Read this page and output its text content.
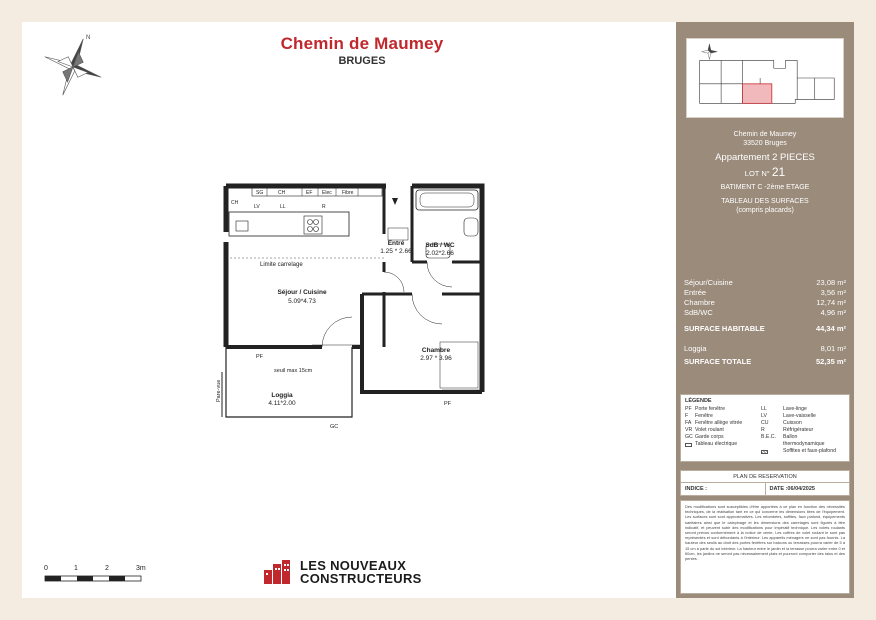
N	Chemin de Maumey
BRUGES
SG	CH	EF Elec Fibre
CH
LV	LL	R
Limite carrelage
Séjour / Cuisine
5.09*4.73
Entré
1.25 * 2.66
SdB / WC
2.02*2.66
Chambre
2.97 * 3.96
Loggia
4.11*2.00
PF
seuil max 15cm
PF
GC
Pare-vue
0	1	2	3m	LES NOUVEAUX
CONSTRUCTEURS
Chemin de Maumey
33520 Bruges
Appartement 2 PIECES
LOT N° 21
BATIMENT C -2ème ETAGE
TABLEAU DES SURFACES
(compris placards)
Séjour/Cuisine	23,08 m²
Entrée	3,56 m²
Chambre	12,74 m²
SdB/WC	4,96 m²
SURFACE HABITABLE	44,34 m²
Loggia	8,01 m²
SURFACE TOTALE	52,35 m²
LÉGENDE
PF Porte fenêtre
F	Fenêtre
FA Fenêtre allège vitrée
VR Volet roulant
GC Garde corps
Tableau électrique
LL	Lave-linge
LV	Lave-vaisselle
CU	Cuisson
R	Réfrigérateur
B.E.C.	Ballon
thermodynamique
Soffites et faux-plafond
PLAN DE RESERVATION
INDICE :	DATE :06/04/2025
Des modifications sont susceptibles d'être apportées à ce plan en fonction des nécessités techniques, de la réalisation tant en ce qui concerne les dimensions liées de l'équipement. Les surfaces sont sont approximatives. Les retombées, soffites, faux plafond, équipements sanitaires ainsi que le calepinage et les dimensions des carrelages sont figurés à titre indicatif, et peuvent subir des modifications pour impératif technique. Les volets roulants seront prévus conformément à la notice de vente. Les coffres de volet roulant le sont pas représentés et sont débordants à l'intérieur. Les appareils ménagers ne sont pas fournis. La hauteur des seuils au droit des portes fenêtres sur balcons ou terrasses pourra varier de 5 à 15 cm à partir du sol intérieur. La hauteur entre le jardin et la terrasse pourra varier entre 0 et 60cm, les jardins ne seront pas nécessairement plats et pourront comporter des talus et des pentes.
